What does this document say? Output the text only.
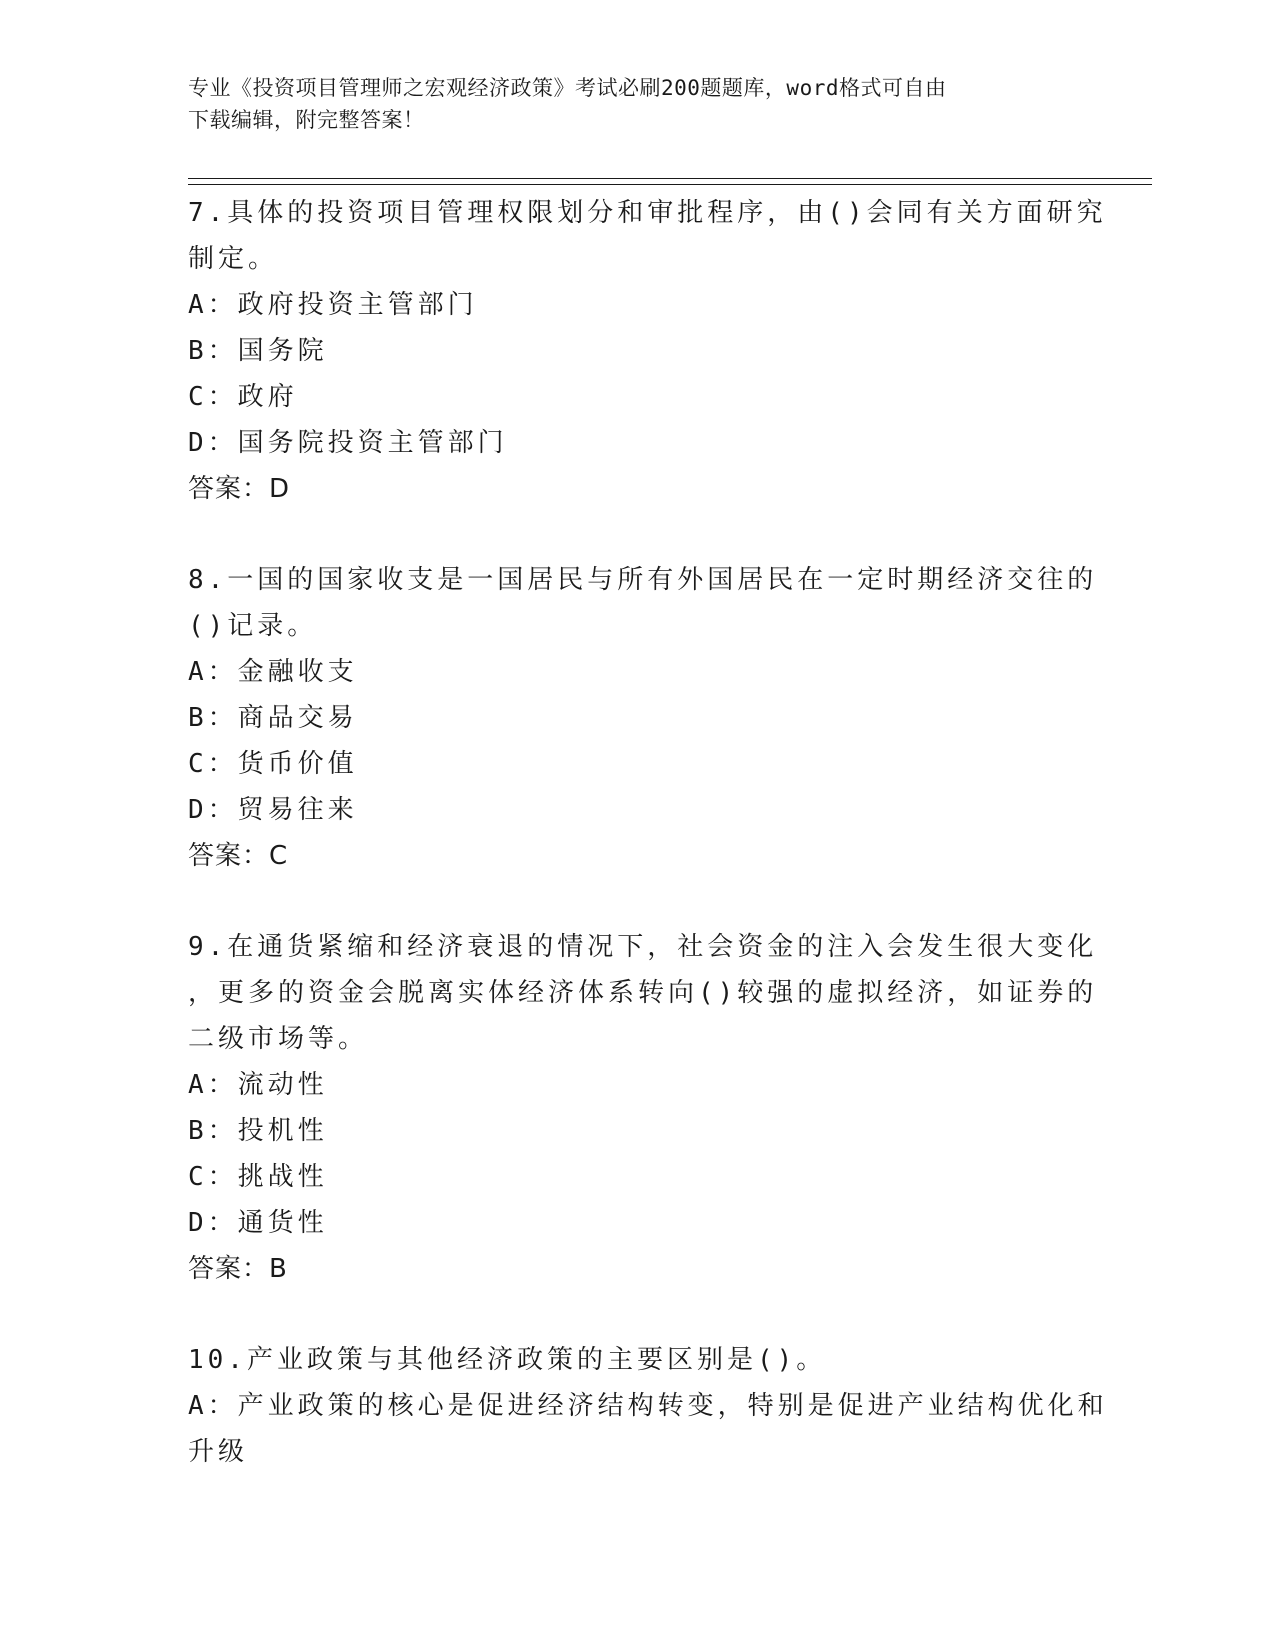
专业《投资项目管理师之宏观经济政策》考试必刷200题题库，word格式可自由
下载编辑，附完整答案！
7.具体的投资项目管理权限划分和审批程序，由()会同有关方面研究
制定。
A：政府投资主管部门
B：国务院
C：政府
D：国务院投资主管部门
答案：D
8.一国的国家收支是一国居民与所有外国居民在一定时期经济交往的
()记录。
A：金融收支
B：商品交易
C：货币价值
D：贸易往来
答案：C
9.在通货紧缩和经济衰退的情况下，社会资金的注入会发生很大变化
，更多的资金会脱离实体经济体系转向()较强的虚拟经济，如证券的
二级市场等。
A：流动性
B：投机性
C：挑战性
D：通货性
答案：B
10.产业政策与其他经济政策的主要区别是()。
A：产业政策的核心是促进经济结构转变，特别是促进产业结构优化和
升级
